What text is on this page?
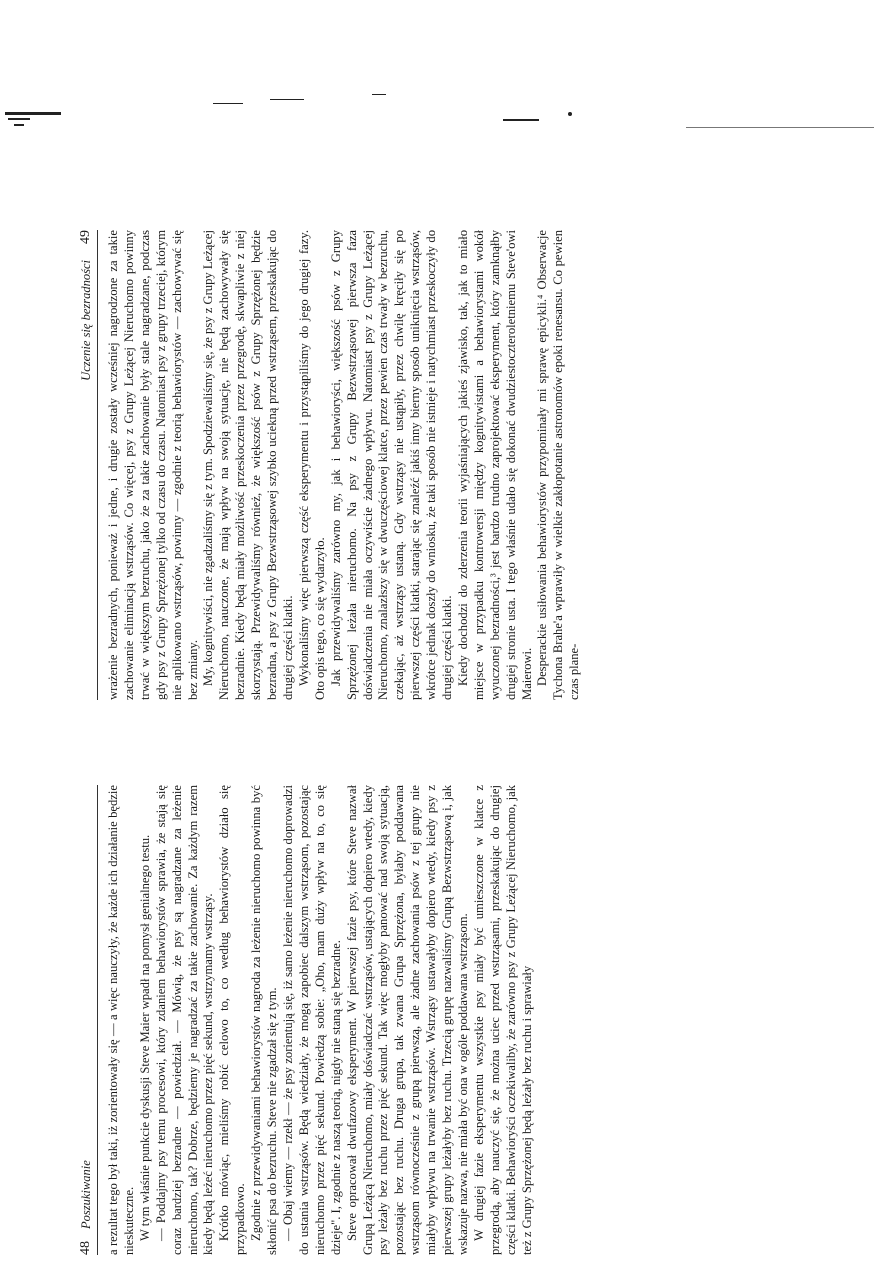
48
Poszukiwanie a rezultat tego był taki, iż zorientowały się — a więc nauczyły, że każde ich działanie będzie nieskuteczne. W tym właśnie punkcie dyskusji Steve Maier wpadł na pomysł genialnego testu. — Poddajmy psy temu procesowi, który zdaniem behawiorystów sprawia, że stają się coraz bardziej bezradne — powiedział. — Mówią, że psy są nagradzane za leżenie nieruchomo, tak? Dobrze, będziemy je nagradzać za takie zachowanie. Za każdym razem kiedy będą leżeć nieruchomo przez pięć sekund, wstrzymamy wstrząsy. Krótko mówiąc, mieliśmy robić celowo to, co według behawiorystów działo się przypadkowo. Zgodnie z przewidywaniami behawiorystów nagroda za leżenie nieruchomo powinna być skłonić psa do bezruchu. Steve nie zgadzał się z tym. — Obaj wiemy — rzekł — że psy zorientują się, iż samo leżenie nieruchomo doprowadzi do ustania wstrząsów. Będą wiedziały, że mogą zapobiec dalszym wstrząsom, pozostając nieruchomo przez pięć sekund. Powiedzą sobie: „Oho, mam duży wpływ na to, co się dzieje". I, zgodnie z naszą teorią, nigdy nie staną się bezradne. Steve opracował dwufazowy eksperyment. W pierwszej fazie psy, które Steve nazwał Grupą Leżącą Nieruchomo, miały doświadczać wstrząsów, ustających dopiero wtedy, kiedy psy leżały bez ruchu przez pięć sekund. Tak więc mogłyby panować nad swoją sytuacją, pozostając bez ruchu. Druga grupa, tak zwana Grupa Sprzężona, byłaby poddawana wstrząsom równocześnie z grupą pierwszą, ale żadne zachowania psów z tej grupy nie miałyby wpływu na trwanie wstrząsów. Wstrząsy ustawałyby dopiero wtedy, kiedy psy z pierwszej grupy leżałyby bez ruchu. Trzecią grupę nazwaliśmy Grupą Bezwstrząsową i, jak wskazuje nazwa, nie miała być ona w ogóle poddawana wstrząsom. W drugiej fazie eksperymentu wszystkie psy miały być umieszczone w klatce z przegrodą, aby nauczyć się, że można uciec przed wstrząsami, przeskakując do drugiej części klatki. Behawioryści oczekiwaliby, że zarówno psy z Grupy Leżącej Nieruchomo, jak też z Grupy Sprzężonej będą leżały bez ruchu i sprawiały

Uczenie się bezradności
49 wrażenie bezradnych, ponieważ i jedne, i drugie zostały wcześniej nagrodzone za takie zachowanie eliminacją wstrząsów. Co więcej, psy z Grupy Leżącej Nieruchomo powinny trwać w większym bezruchu, jako że za takie zachowanie były stale nagradzane, podczas gdy psy z Grupy Sprzężonej tylko od czasu do czasu. Natomiast psy z grupy trzeciej, którym nie aplikowano wstrząsów, powinny — zgodnie z teorią behawiorystów — zachowywać się bez zmiany. My, kognitywiści, nie zgadzaliśmy się z tym. Spodziewaliśmy się, że psy z Grupy Leżącej Nieruchomo, nauczone, że mają wpływ na swoją sytuację, nie będą zachowywały się bezradnie. Kiedy będą miały możliwość przeskoczenia przez przegrodę, skwapliwie z niej skorzystają. Przewidywaliśmy również, że większość psów z Grupy Sprzężonej będzie bezradna, a psy z Grupy Bezwstrząsowej szybko uciekną przed wstrząsem, przeskakując do drugiej części klatki. Wykonaliśmy więc pierwszą część eksperymentu i przystąpiliśmy do jego drugiej fazy. Oto opis tego, co się wydarzyło. Jak przewidywaliśmy zarówno my, jak i behawioryści, większość psów z Grupy Sprzężonej leżała nieruchomo. Na psy z Grupy Bezwstrząsowej pierwsza faza doświadczenia nie miała oczywiście żadnego wpływu. Natomiast psy z Grupy Leżącej Nieruchomo, znalazłszy się w dwuczęściowej klatce, przez pewien czas trwały w bezruchu, czekając, aż wstrząsy ustaną. Gdy wstrząsy nie ustąpiły, przez chwilę kręciły się po pierwszej części klatki, starając się znaleźć jakiś inny bierny sposób uniknięcia wstrząsów, wkrótce jednak doszły do wniosku, że taki sposób nie istnieje i natychmiast przeskoczyły do drugiej części klatki. Kiedy dochodzi do zderzenia teorii wyjaśniających jakieś zjawisko, tak, jak to miało miejsce w przypadku kontrowersji między kognitywistami a behawiorystami wokół wyuczonej bezradności,³ jest bardzo trudno zaprojektować eksperyment, który zamknąłby drugiej stronie usta. I tego właśnie udało się dokonać dwudziestoczteroletniemu Steve'owi Maierowi. Desperackie usiłowania behawiorystów przypominały mi sprawę epicykli.⁴ Obserwacje Tychona Brahe'a wprawiły w wielkie zakłopotanie astronomów epoki renesansu. Co pewien czas plane-
